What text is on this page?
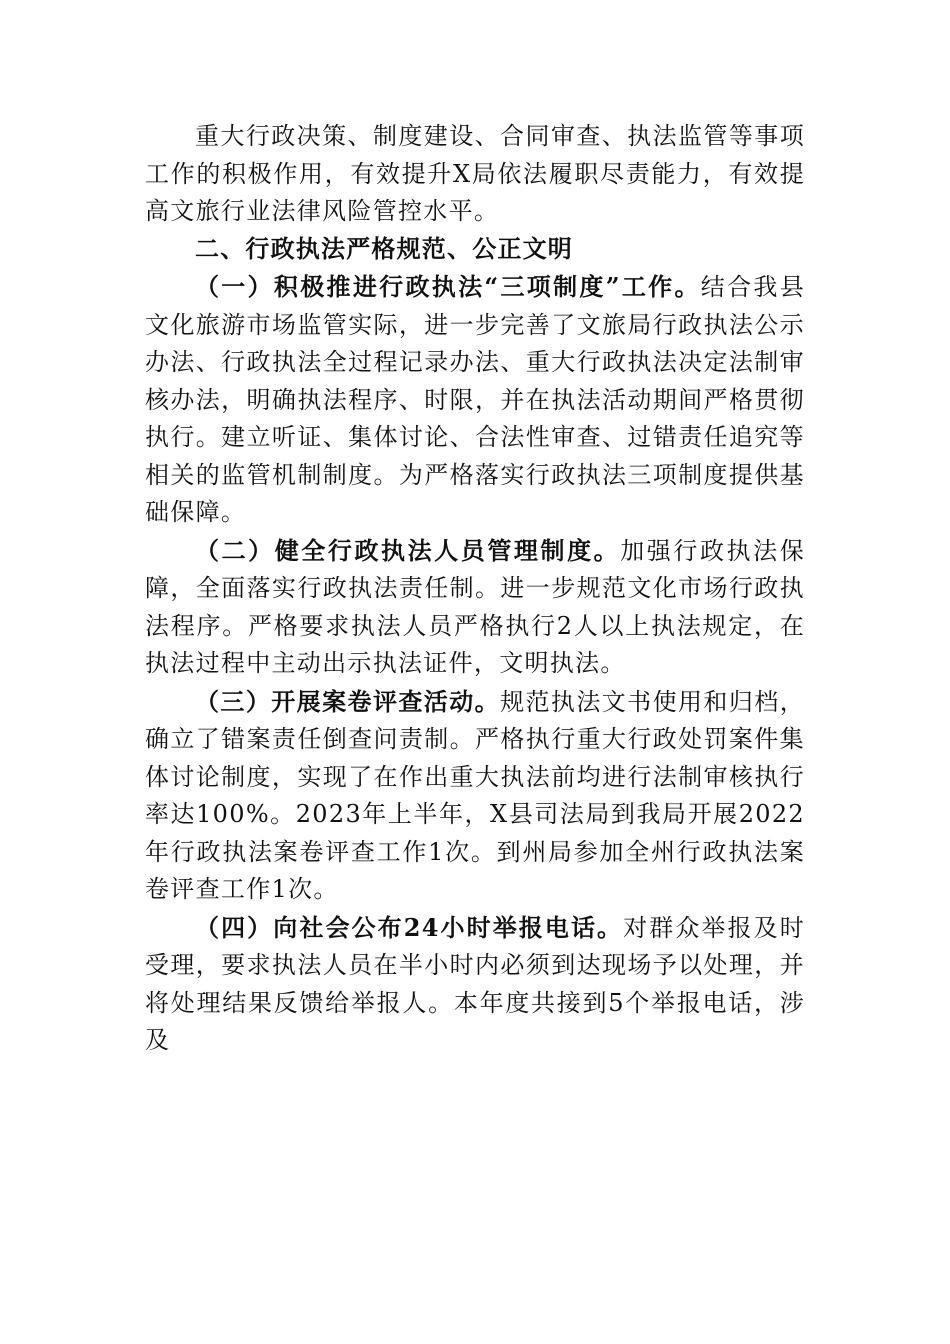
重大行政决策、制度建设、合同审查、执法监管等事项工作的积极作用，有效提升X局依法履职尽责能力，有效提高文旅行业法律风险管控水平。

二、行政执法严格规范、公正文明

（一）积极推进行政执法“三项制度”工作。结合我县文化旅游市场监管实际，进一步完善了文旅局行政执法公示办法、行政执法全过程记录办法、重大行政执法决定法制审核办法，明确执法程序、时限，并在执法活动期间严格贯彻执行。建立听证、集体讨论、合法性审查、过错责任追究等相关的监管机制制度。为严格落实行政执法三项制度提供基础保障。

（二）健全行政执法人员管理制度。加强行政执法保障，全面落实行政执法责任制。进一步规范文化市场行政执法程序。严格要求执法人员严格执行2人以上执法规定，在执法过程中主动出示执法证件，文明执法。

（三）开展案卷评查活动。规范执法文书使用和归档，确立了错案责任倒查问责制。严格执行重大行政处罚案件集体讨论制度，实现了在作出重大执法前均进行法制审核执行率达100%。2023年上半年，X县司法局到我局开展2022年行政执法案卷评查工作1次。到州局参加全州行政执法案卷评查工作1次。

（四）向社会公布24小时举报电话。对群众举报及时受理，要求执法人员在半小时内必须到达现场予以处理，并将处理结果反馈给举报人。本年度共接到5个举报电话，涉及
